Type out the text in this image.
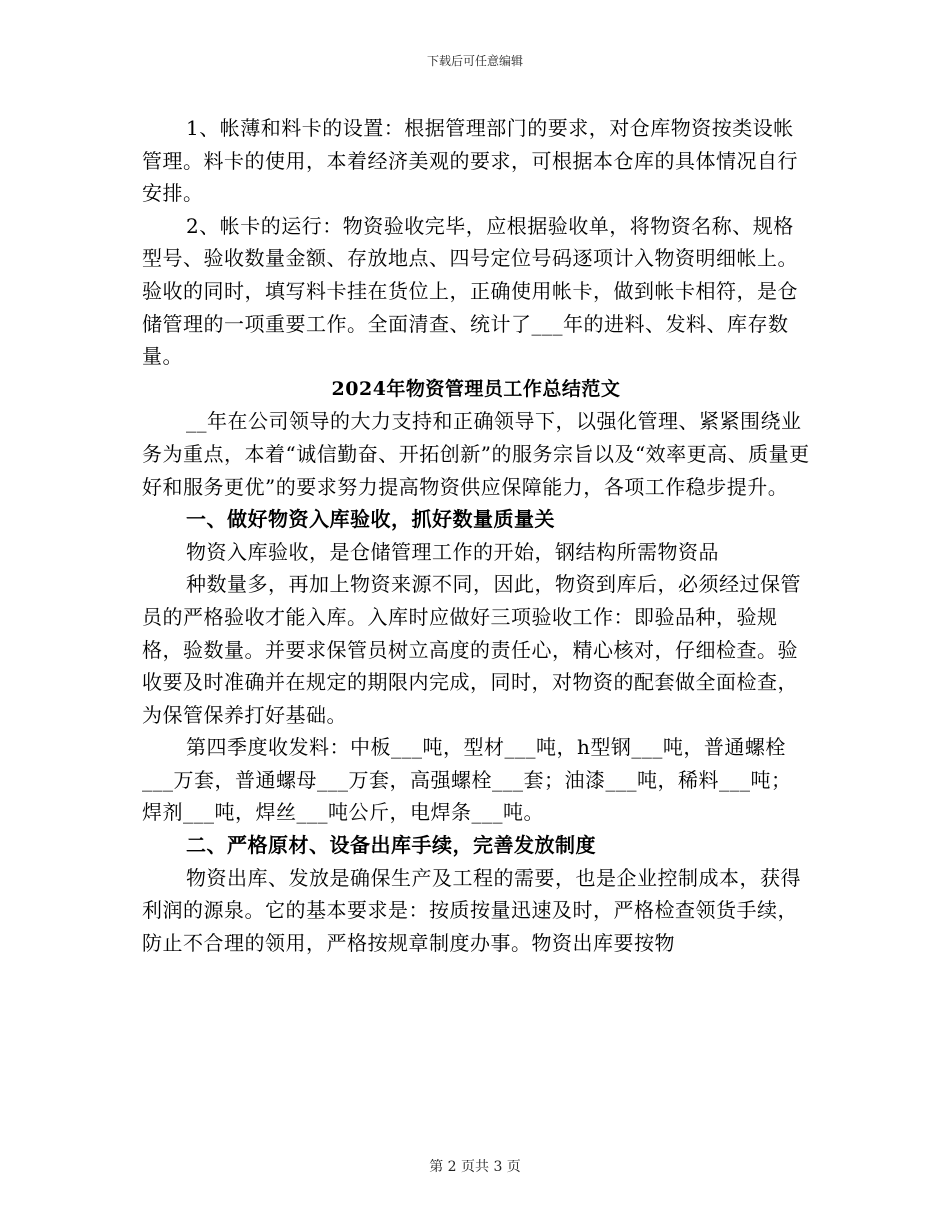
下载后可任意编辑

1、帐薄和料卡的设置：根据管理部门的要求，对仓库物资按类设帐管理。料卡的使用，本着经济美观的要求，可根据本仓库的具体情况自行安排。

2、帐卡的运行：物资验收完毕，应根据验收单，将物资名称、规格型号、验收数量金额、存放地点、四号定位号码逐项计入物资明细帐上。验收的同时，填写料卡挂在货位上，正确使用帐卡，做到帐卡相符，是仓储管理的一项重要工作。全面清查、统计了___年的进料、发料、库存数量。

2024年物资管理员工作总结范文

__年在公司领导的大力支持和正确领导下，以强化管理、紧紧围绕业务为重点，本着“诚信勤奋、开拓创新”的服务宗旨以及“效率更高、质量更好和服务更优”的要求努力提高物资供应保障能力，各项工作稳步提升。

一、做好物资入库验收，抓好数量质量关

物资入库验收，是仓储管理工作的开始，钢结构所需物资品

种数量多，再加上物资来源不同，因此，物资到库后，必须经过保管员的严格验收才能入库。入库时应做好三项验收工作：即验品种，验规格，验数量。并要求保管员树立高度的责任心，精心核对，仔细检查。验收要及时准确并在规定的期限内完成，同时，对物资的配套做全面检查，为保管保养打好基础。

第四季度收发料：中板___吨，型材___吨，h型钢___吨，普通螺栓___万套，普通螺母___万套，高强螺栓___套；油漆___吨，稀料___吨；焊剂___吨，焊丝___吨公斤，电焊条___吨。

二、严格原材、设备出库手续，完善发放制度

物资出库、发放是确保生产及工程的需要，也是企业控制成本，获得利润的源泉。它的基本要求是：按质按量迅速及时，严格检查领货手续，防止不合理的领用，严格按规章制度办事。物资出库要按物

第 2 页共 3 页
